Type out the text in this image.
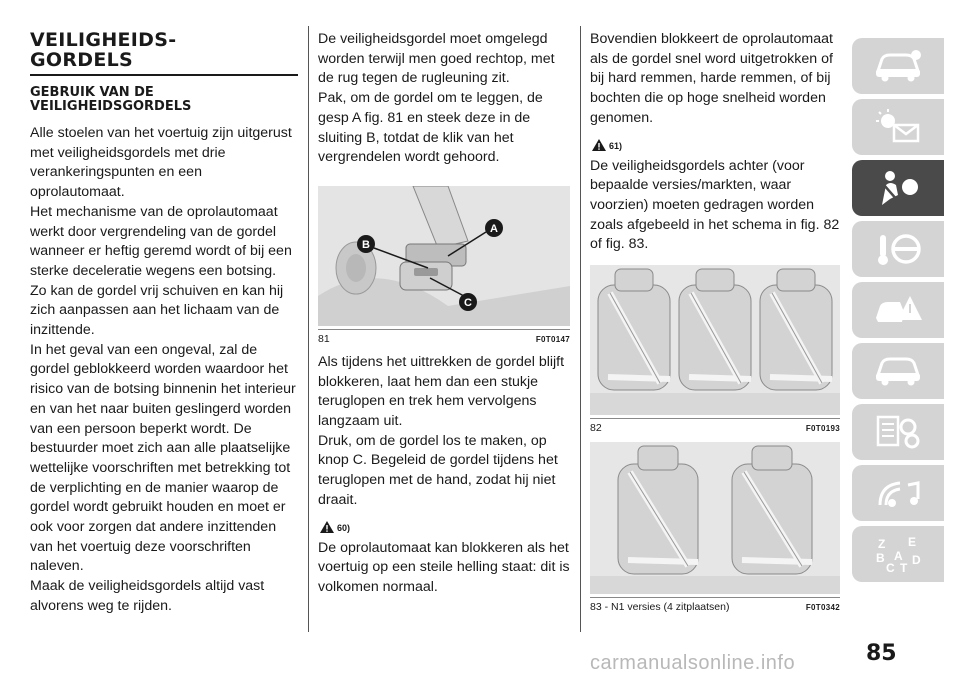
VEILIGHEIDS-
GORDELS
GEBRUIK VAN DE
VEILIGHEIDSGORDELS

Alle stoelen van het voertuig zijn uitgerust met veiligheidsgordels met drie verankeringspunten en een oprolautomaat.

Het mechanisme van de oprolautomaat werkt door vergrendeling van de gordel wanneer er heftig geremd wordt of bij een sterke deceleratie wegens een botsing.

Zo kan de gordel vrij schuiven en kan hij zich aanpassen aan het lichaam van de inzittende.

In het geval van een ongeval, zal de gordel geblokkeerd worden waardoor het risico van de botsing binnenin het interieur en van het naar buiten geslingerd worden van een persoon beperkt wordt. De bestuurder moet zich aan alle plaatselijke wettelijke voorschriften met betrekking tot de verplichting en de manier waarop de gordel wordt gebruikt houden en moet er ook voor zorgen dat andere inzittenden van het voertuig deze voorschriften naleven.

Maak de veiligheidsgordels altijd vast alvorens weg te rijden.

De veiligheidsgordel moet omgelegd worden terwijl men goed rechtop, met de rug tegen de rugleuning zit.

Pak, om de gordel om te leggen, de gesp A fig. 81 en steek deze in de sluiting B, totdat de klik van het vergrendelen wordt gehoord.

B
A
C
81	F0T0147

Als tijdens het uittrekken de gordel blijft blokkeren, laat hem dan een stukje teruglopen en trek hem vervolgens langzaam uit.

Druk, om de gordel los te maken, op knop C. Begeleid de gordel tijdens het teruglopen met de hand, zodat hij niet draait.

60)

De oprolautomaat kan blokkeren als het voertuig op een steile helling staat: dit is volkomen normaal.

Bovendien blokkeert de oprolautomaat als de gordel snel word uitgetrokken of bij hard remmen, harde remmen, of bij bochten die op hoge snelheid worden genomen.

61)

De veiligheidsgordels achter (voor bepaalde versies/markten, waar voorzien) moeten gedragen worden zoals afgebeeld in het schema in fig. 82 of fig. 83.

82	F0T0193
83 - N1 versies (4 zitplaatsen)	F0T0342
Z E
B A D
C T
85
carmanualsonline.info
